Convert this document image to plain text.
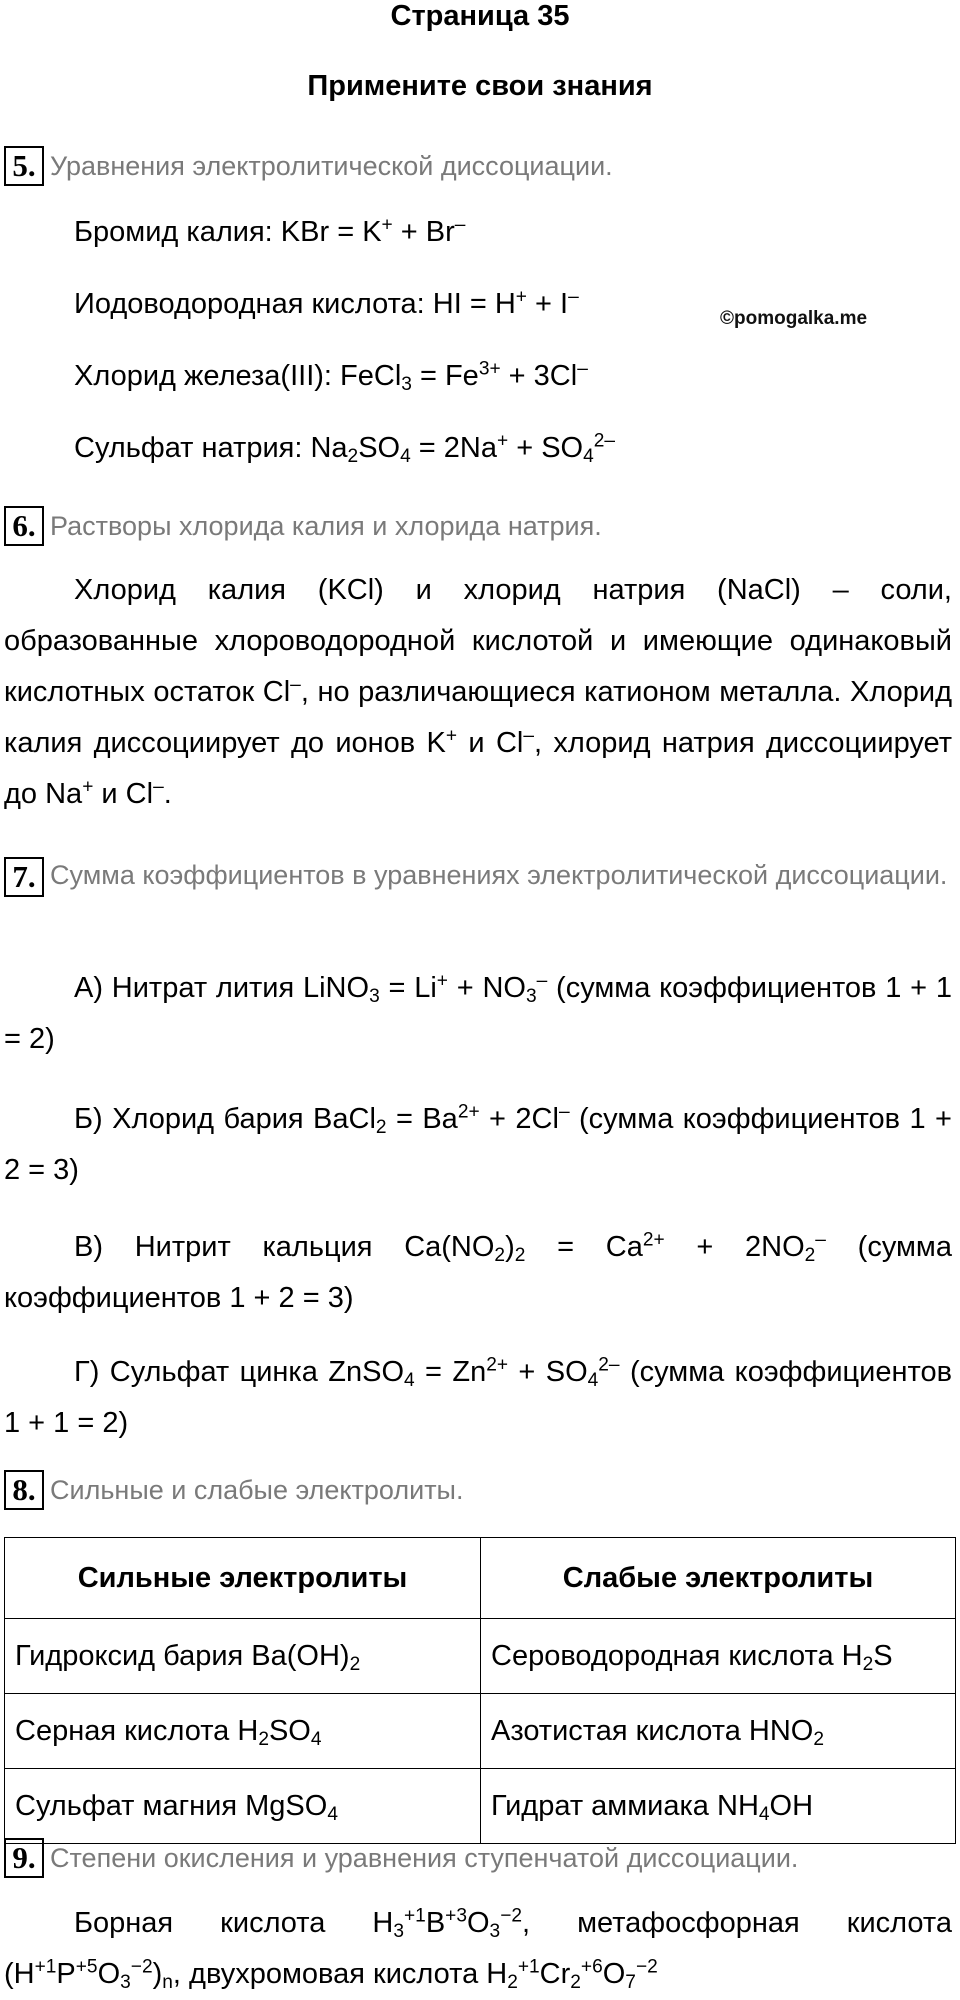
Страница 35
Примените свои знания
5. Уравнения электролитической диссоциации.
Бромид калия: KBr = K+ + Br–
Иодоводородная кислота: HI = H+ + I–
©pomogalka.me
Хлорид железа(III): FeCl$_3$ = $Fe^{3+} + 3Cl^-$
Сульфат натрия: $Na_2SO_4 = 2Na^+ + SO_4^{2-}$
6. Растворы хлорида калия и хлорида натрия.
Хлорид калия (KCl) и хлорид натрия (NaCl) – соли, образованные хлороводородной кислотой и имеющие одинаковый кислотных остаток Cl–, но различающиеся катионом металла. Хлорид калия диссоциирует до ионов K+ и Cl–, хлорид натрия диссоциирует до Na+ и Cl–.
7. Сумма коэффициентов в уравнениях электролитической диссоциации.
А) Нитрат лития LiNO$_3$ = $Li^+ + NO_3^-$ (сумма коэффициентов 1 + 1 = 2)
Б) Хлорид бария BaCl$_2$ = $Ba^{2+} + 2Cl^-$ (сумма коэффициентов 1 + 2 = 3)
В) Нитрит кальция $Ca(NO_2)_2 = Ca^{2+} + 2NO_2^-$ (сумма коэффициентов 1 + 2 = 3)
Г) Сульфат цинка ZnSO$_4$ = $Zn^{2+} + SO_4^{2-}$ (сумма коэффициентов 1 + 1 = 2)
8. Сильные и слабые электролиты.
Сильные электролиты	Слабые электролиты
Гидроксид бария $Ba(OH)_2$	Сероводородная кислота $H_2S$
Серная кислота $H_2SO_4$	Азотистая кислота $HNO_2$
Сульфат магния MgSO$_4$	Гидрат аммиака $NH_4OH$
9. Степени окисления и уравнения ступенчатой диссоциации.
Борная кислота $H_3^{+1}B^{+3}O_3^{-2}$, метафосфорная кислота $(H^{+1}P^{+5}O_3^{-2})_n$, двухромовая кислота $H_2^{+1}Cr_2^{+6}O_7^{-2}$
